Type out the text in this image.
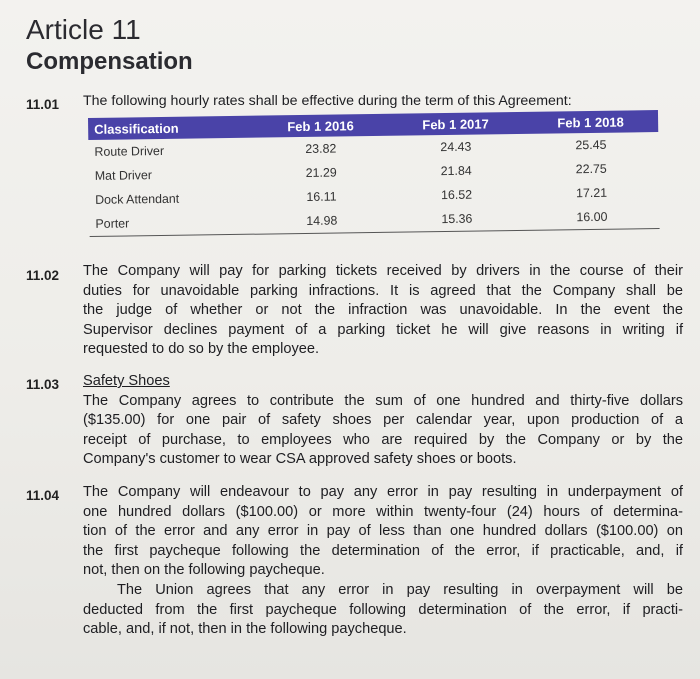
Article 11
Compensation
11.01 The following hourly rates shall be effective during the term of this Agreement:
Classification	Feb 1 2016	Feb 1 2017	Feb 1 2018
Route Driver	23.82	24.43	25.45
Mat Driver	21.29	21.84	22.75
Dock Attendant	16.11	16.52	17.21
Porter	14.98	15.36	16.00
11.02 The Company will pay for parking tickets received by drivers in the course of their
duties for unavoidable parking infractions. It is agreed that the Company shall be
the judge of whether or not the infraction was unavoidable. In the event the
Supervisor declines payment of a parking ticket he will give reasons in writing if
requested to do so by the employee.
11.03 Safety Shoes
The Company agrees to contribute the sum of one hundred and thirty-five dollars
($135.00) for one pair of safety shoes per calendar year, upon production of a
receipt of purchase, to employees who are required by the Company or by the
Company's customer to wear CSA approved safety shoes or boots.
11.04 The Company will endeavour to pay any error in pay resulting in underpayment of
one hundred dollars ($100.00) or more within twenty-four (24) hours of determina-
tion of the error and any error in pay of less than one hundred dollars ($100.00) on
the first paycheque following the determination of the error, if practicable, and, if
not, then on the following paycheque.
The Union agrees that any error in pay resulting in overpayment will be
deducted from the first paycheque following determination of the error, if practi-
cable, and, if not, then in the following paycheque.
